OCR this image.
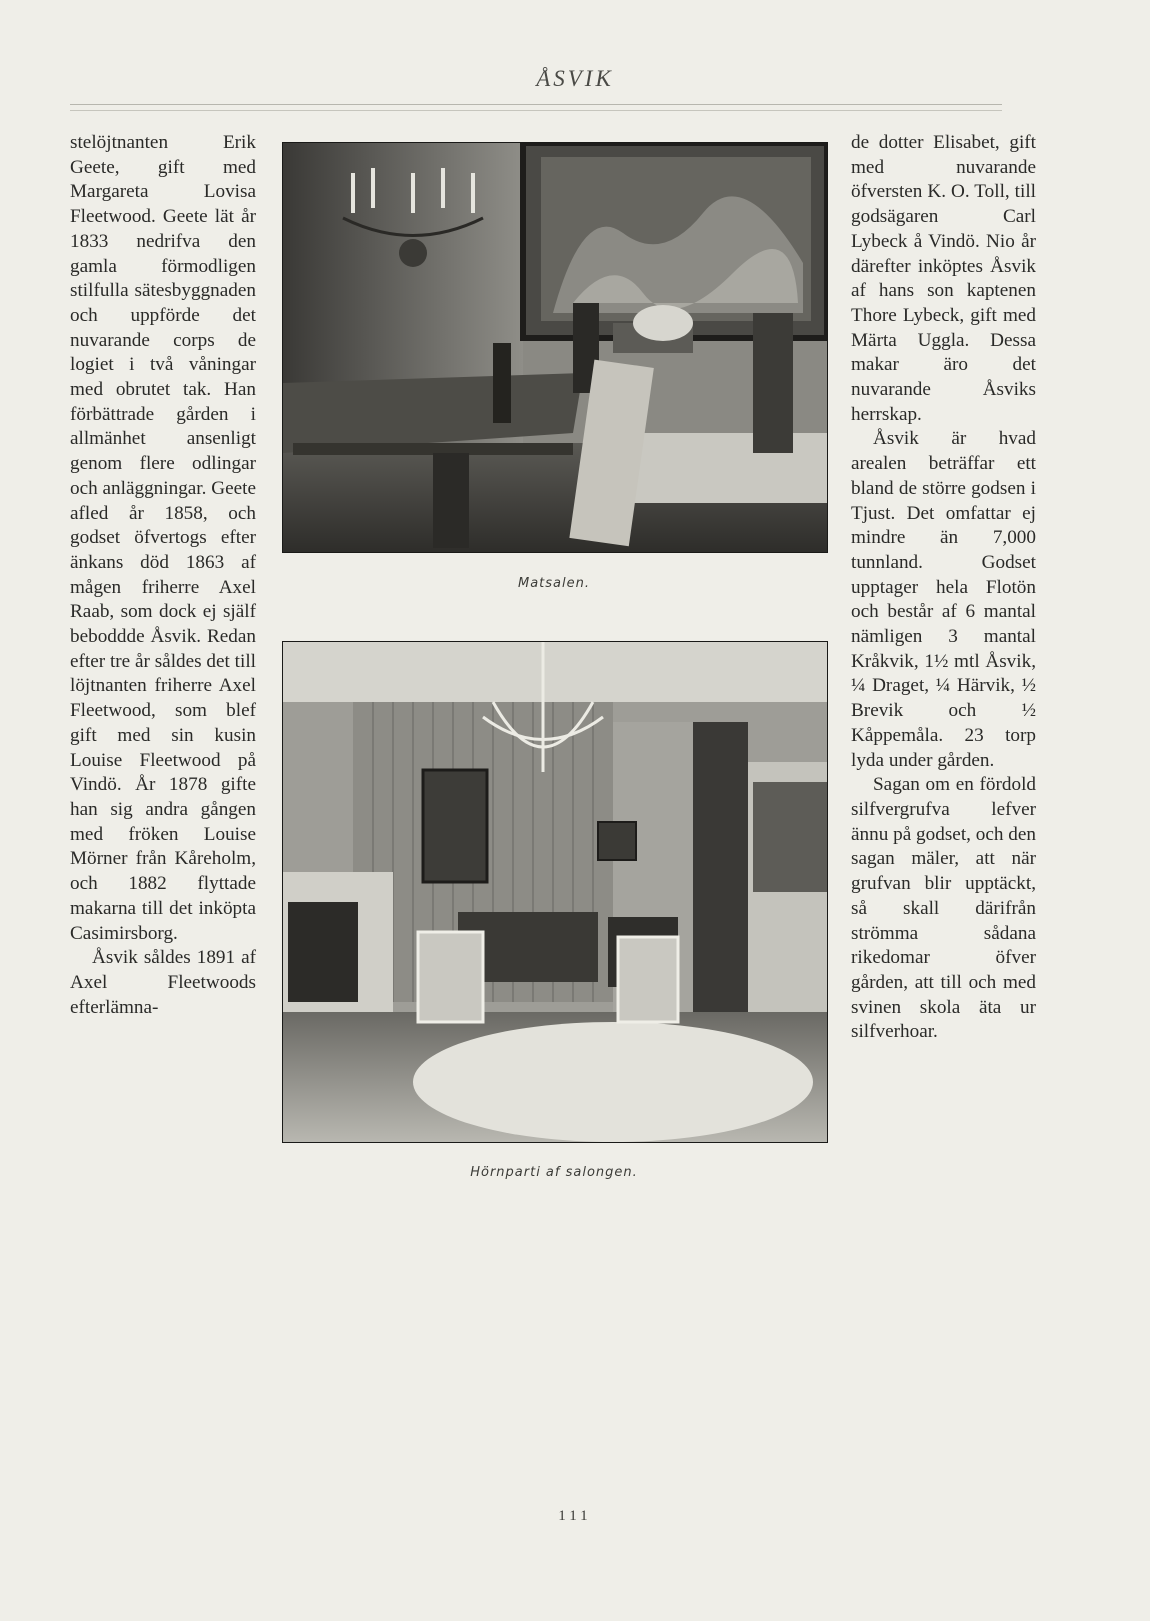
ÅSVIK

stelöjtnanten Erik Geete, gift med Margareta Lovisa Fleetwood. Geete lät år 1833 nedrifva den gamla förmodligen stilfulla sätesbyggnaden och uppförde det nuvarande corps de logiet i två våningar med obrutet tak. Han förbättrade gården i allmänhet ansenligt genom flere odlingar och anläggningar. Geete afled år 1858, och godset öfvertogs efter änkans död 1863 af mågen friherre Axel Raab, som dock ej själf beboddde Åsvik. Redan efter tre år såldes det till löjtnanten friherre Axel Fleetwood, som blef gift med sin kusin Louise Fleetwood på Vindö. År 1878 gifte han sig andra gången med fröken Louise Mörner från Kåreholm, och 1882 flyttade makarna till det inköpta Casimirsborg.

Åsvik såldes 1891 af Axel Fleetwoods efterlämna-

Matsalen.
Hörnparti af salongen.

de dotter Elisabet, gift med nuvarande öfversten K. O. Toll, till godsägaren Carl Lybeck å Vindö. Nio år därefter inköptes Åsvik af hans son kaptenen Thore Lybeck, gift med Märta Uggla. Dessa makar äro det nuvarande Åsviks herrskap.

Åsvik är hvad arealen beträffar ett bland de större godsen i Tjust. Det omfattar ej mindre än 7,000 tunnland. Godset upptager hela Flotön och består af 6 mantal nämligen 3 mantal Kråkvik, 1½ mtl Åsvik, ¼ Draget, ¼ Härvik, ½ Brevik och ½ Kåppemåla. 23 torp lyda under gården.

Sagan om en fördold silfvergrufva lefver ännu på godset, och den sagan mäler, att när grufvan blir upptäckt, så skall därifrån strömma sådana rikedomar öfver gården, att till och med svinen skola äta ur silfverhoar.

111
